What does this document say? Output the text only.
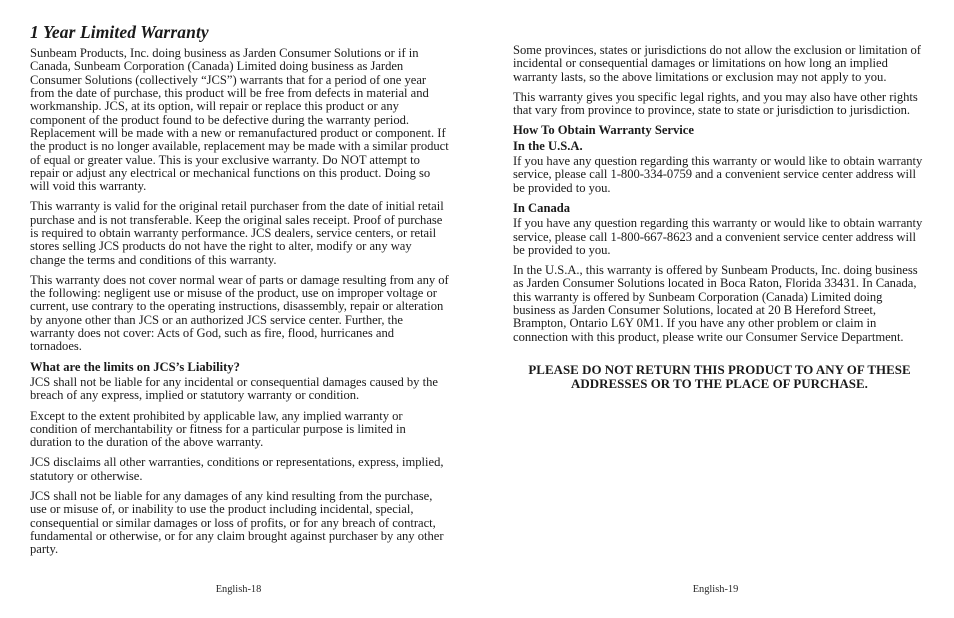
1 Year Limited Warranty

Sunbeam Products, Inc. doing business as Jarden Consumer Solutions or if in Canada, Sunbeam Corporation (Canada) Limited doing business as Jarden Consumer Solutions (collectively “JCS”) warrants that for a period of one year from the date of purchase, this product will be free from defects in material and workmanship. JCS, at its option, will repair or replace this product or any component of the product found to be defective during the warranty period. Replacement will be made with a new or remanufactured product or component. If the product is no longer available, replacement may be made with a similar product of equal or greater value. This is your exclusive warranty. Do NOT attempt to repair or adjust any electrical or mechanical functions on this product. Doing so will void this warranty.

This warranty is valid for the original retail purchaser from the date of initial retail purchase and is not transferable. Keep the original sales receipt. Proof of purchase is required to obtain warranty performance. JCS dealers, service centers, or retail stores selling JCS products do not have the right to alter, modify or any way change the terms and conditions of this warranty.

This warranty does not cover normal wear of parts or damage resulting from any of the following: negligent use or misuse of the product, use on improper voltage or current, use contrary to the operating instructions, disassembly, repair or alteration by anyone other than JCS or an authorized JCS service center. Further, the warranty does not cover: Acts of God, such as fire, flood, hurricanes and tornadoes.

What are the limits on JCS’s Liability?

JCS shall not be liable for any incidental or consequential damages caused by the breach of any express, implied or statutory warranty or condition.

Except to the extent prohibited by applicable law, any implied warranty or condition of merchantability or fitness for a particular purpose is limited in duration to the duration of the above warranty.

JCS disclaims all other warranties, conditions or representations, express, implied, statutory or otherwise.

JCS shall not be liable for any damages of any kind resulting from the purchase, use or misuse of, or inability to use the product including incidental, special, consequential or similar damages or loss of profits, or for any breach of contract, fundamental or otherwise, or for any claim brought against purchaser by any other party.

English-18

Some provinces, states or jurisdictions do not allow the exclusion or limitation of incidental or consequential damages or limitations on how long an implied warranty lasts, so the above limitations or exclusion may not apply to you.

This warranty gives you specific legal rights, and you may also have other rights that vary from province to province, state to state or jurisdiction to jurisdiction.

How To Obtain Warranty Service
In the U.S.A.

If you have any question regarding this warranty or would like to obtain warranty service, please call 1-800-334-0759 and a convenient service center address will be provided to you.

In Canada

If you have any question regarding this warranty or would like to obtain warranty service, please call 1-800-667-8623 and a convenient service center address will be provided to you.

In the U.S.A., this warranty is offered by Sunbeam Products, Inc. doing business as Jarden Consumer Solutions located in Boca Raton, Florida 33431. In Canada, this warranty is offered by Sunbeam Corporation (Canada) Limited doing business as Jarden Consumer Solutions, located at 20 B Hereford Street, Brampton, Ontario L6Y 0M1. If you have any other problem or claim in connection with this product, please write our Consumer Service Department.

PLEASE DO NOT RETURN THIS PRODUCT TO ANY OF THESE ADDRESSES OR TO THE PLACE OF PURCHASE.

English-19
